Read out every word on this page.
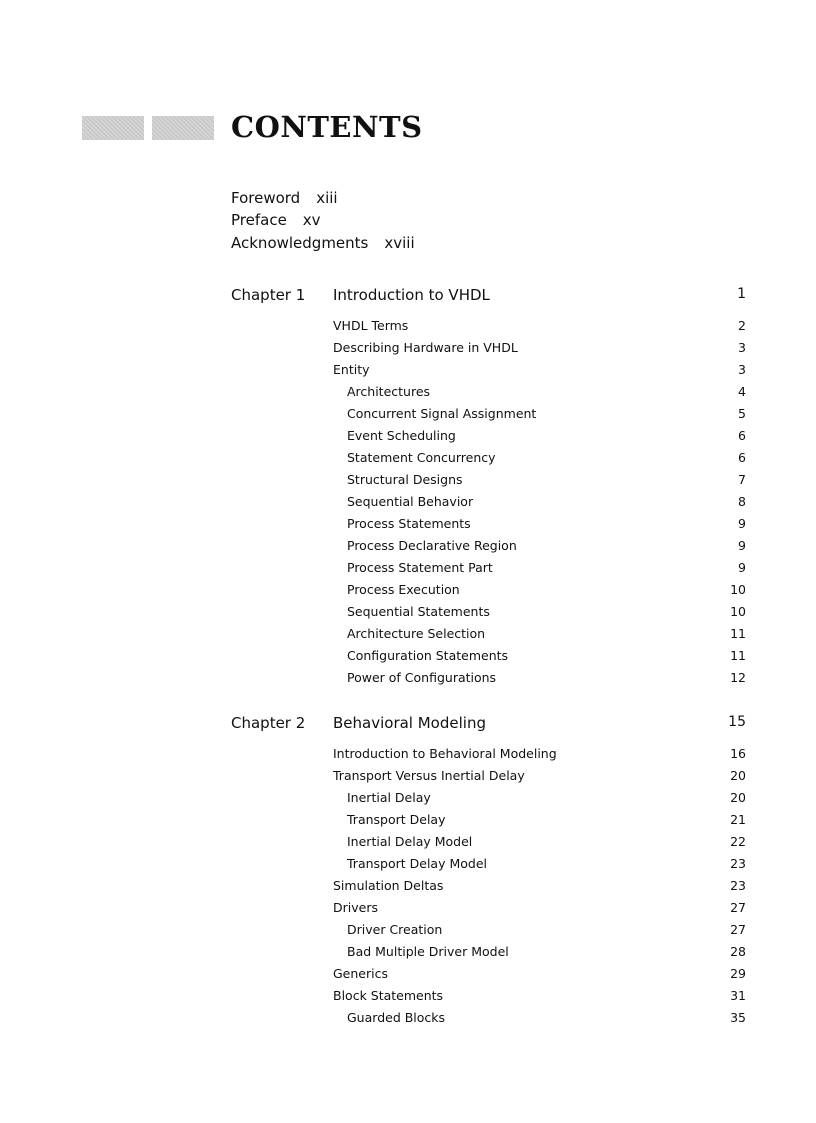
CONTENTS
Foreword xiii
Preface xv
Acknowledgments xviii
Chapter 1 Introduction to VHDL	1
VHDL Terms	2
Describing Hardware in VHDL	3
Entity	3
Architectures	4
Concurrent Signal Assignment	5
Event Scheduling	6
Statement Concurrency	6
Structural Designs	7
Sequential Behavior	8
Process Statements	9
Process Declarative Region	9
Process Statement Part	9
Process Execution	10
Sequential Statements	10
Architecture Selection	11
Configuration Statements	11
Power of Configurations	12
Chapter 2 Behavioral Modeling	15
Introduction to Behavioral Modeling	16
Transport Versus Inertial Delay	20
Inertial Delay	20
Transport Delay	21
Inertial Delay Model	22
Transport Delay Model	23
Simulation Deltas	23
Drivers	27
Driver Creation	27
Bad Multiple Driver Model	28
Generics	29
Block Statements	31
Guarded Blocks	35
